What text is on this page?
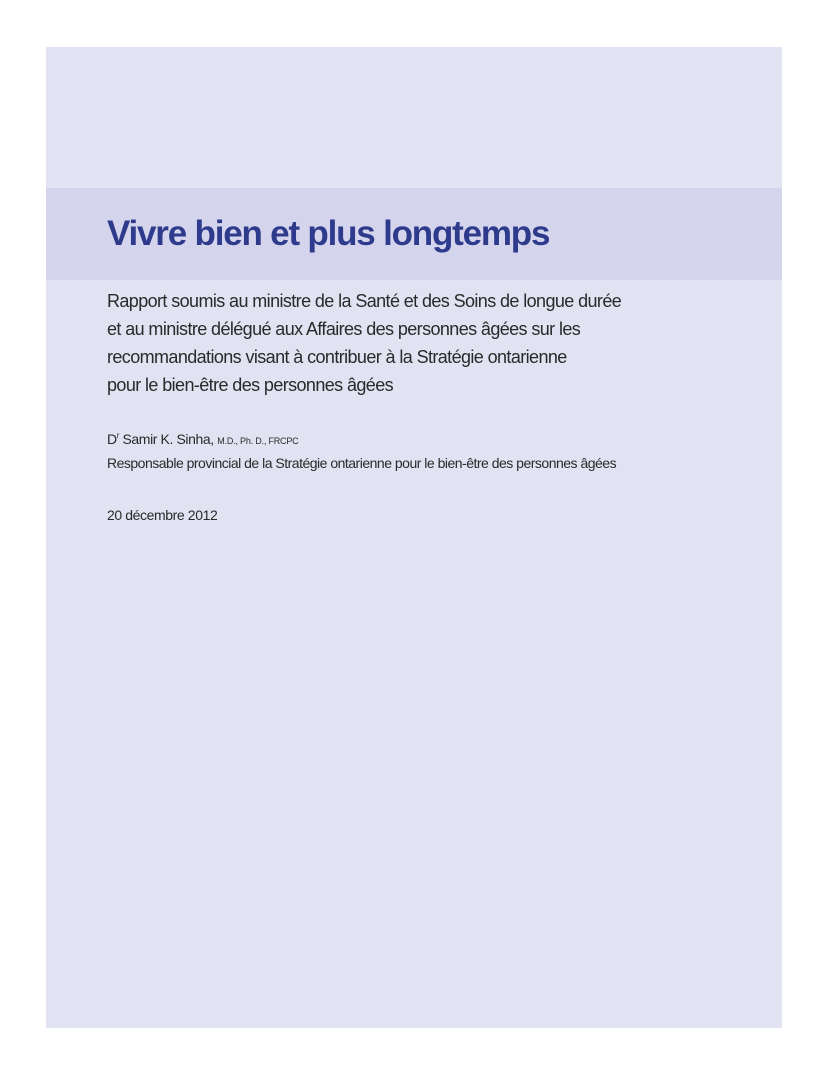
Vivre bien et plus longtemps
Rapport soumis au ministre de la Santé et des Soins de longue durée
et au ministre délégué aux Affaires des personnes âgées sur les
recommandations visant à contribuer à la Stratégie ontarienne
pour le bien-être des personnes âgées
$D^r$ Samir K. Sinha, M.D., Ph. D., FRCPC
Responsable provincial de la Stratégie ontarienne pour le bien-être des personnes âgées
20 décembre 2012
